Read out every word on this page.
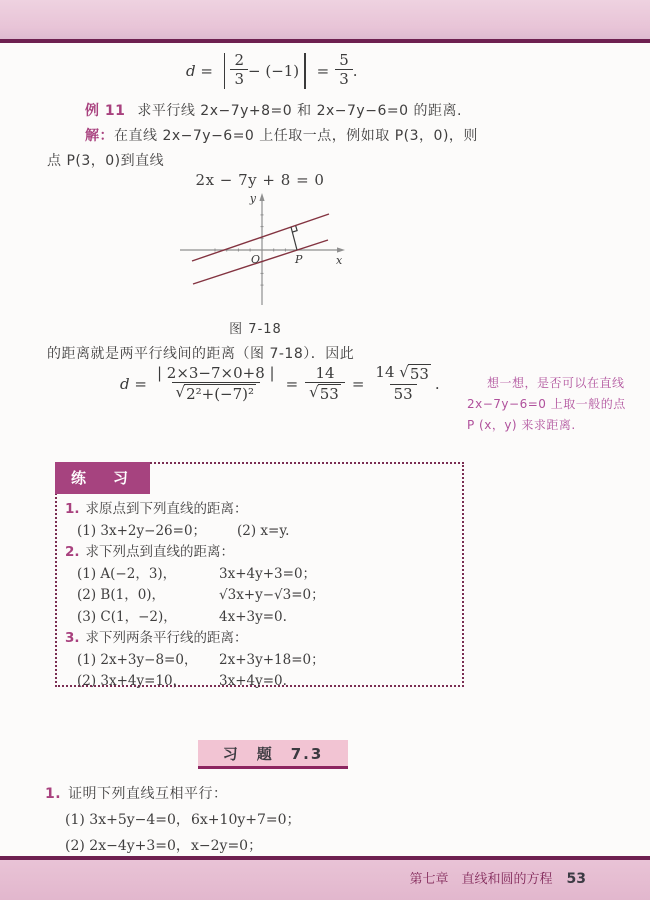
$d = \frac{2}{3} - (-1) = \frac{5}{3}$ .
例 11 求平行线 2x−7y+8=0 和 2x−7y−6=0 的距离.
解：在直线 2x−7y−6=0 上任取一点，例如取 P(3，0)，则
点 P(3，0)到直线
2x − 7y + 8 = 0
y
x
O	P
图 7-18
的距离就是两平行线间的距离（图 7-18）．因此
$d = \frac{| 2\times 3-7\times 0+8 |}{\text{√ 2²+(−7)²}} = \frac{14}{√ 53} = \frac{14 √ 53}{53}$ .	想一想，是否可以在直线
2x−7y−6=0 上取一般的点
P (x，y) 来求距离.
练　习
1. 求原点到下列直线的距离：
(1) 3x+2y−26=0；	(2) x=y.
2. 求下列点到直线的距离：
(1) A(−2，3)，	3x+4y+3=0；
(2) B(1，0)，	√3x+y−√3=0；
(3) C(1，−2)，	4x+3y=0.
3. 求下列两条平行线的距离：
(1) 2x+3y−8=0，	2x+3y+18=0；
(2) 3x+4y=10，	3x+4y=0.
习　题　7.3
1. 证明下列直线互相平行：
(1) 3x+5y−4=0， 6x+10y+7=0；
(2) 2x−4y+3=0， x−2y=0；
第七章　直线和圆的方程 53
